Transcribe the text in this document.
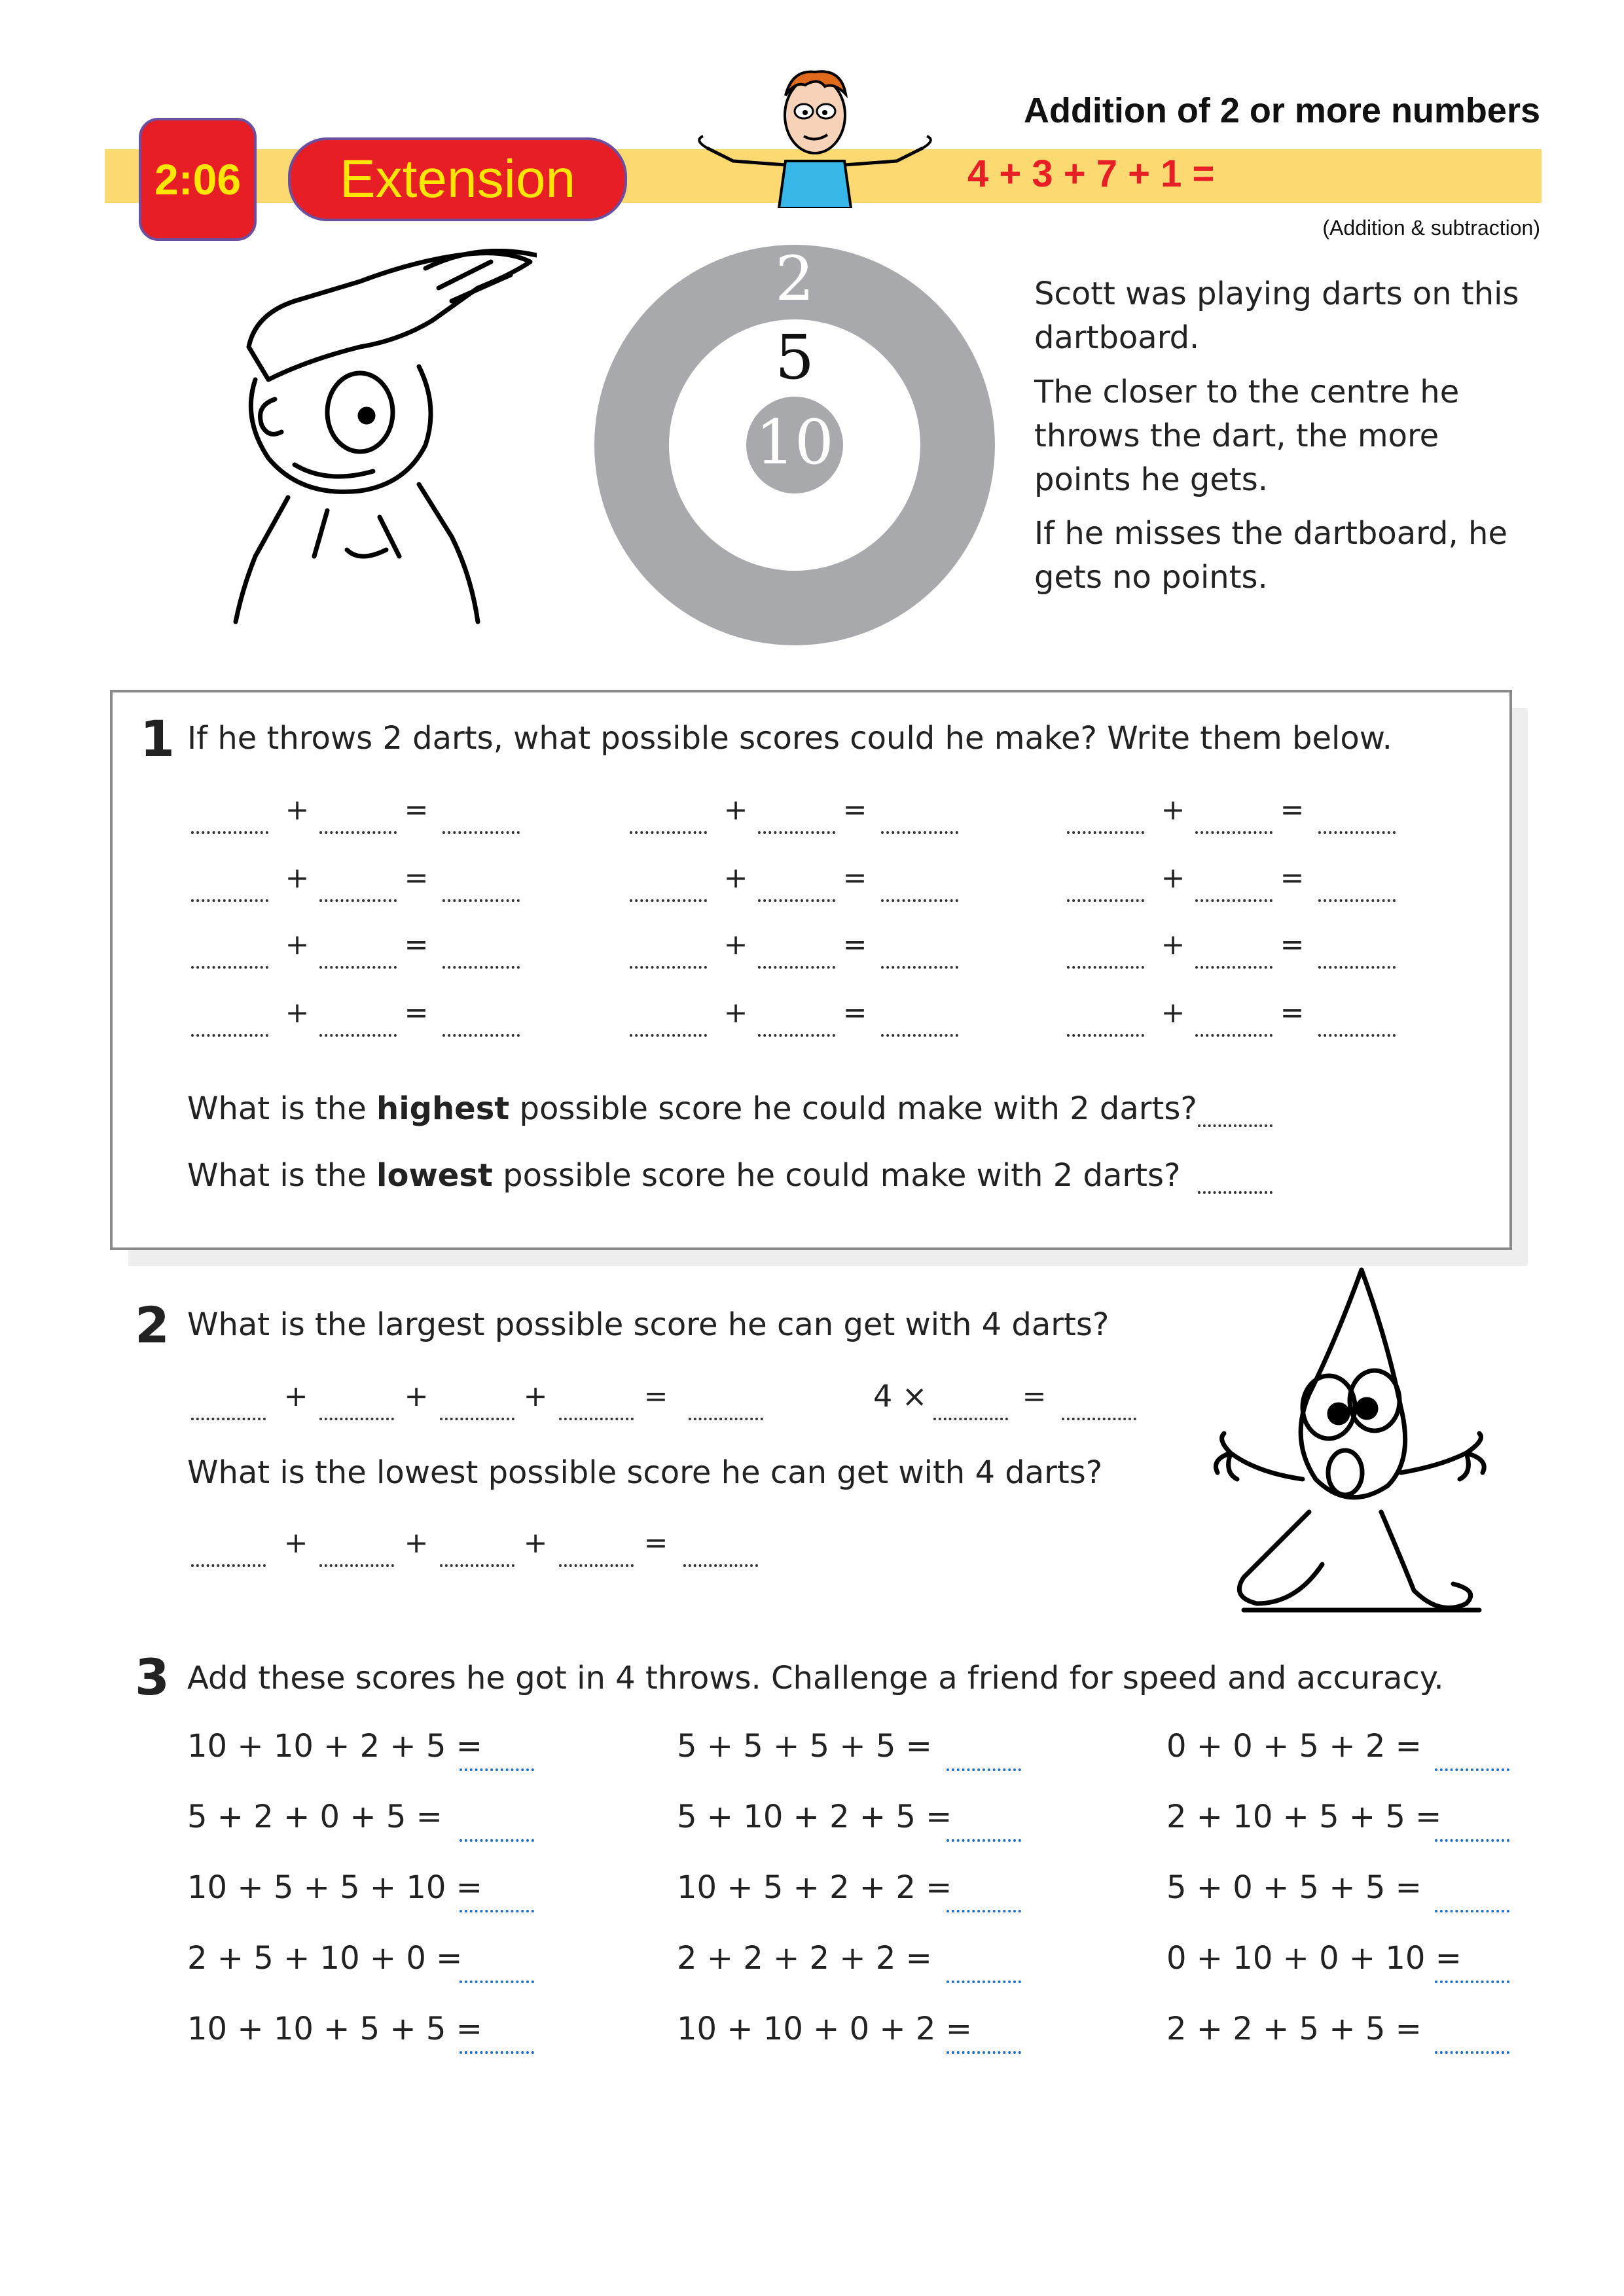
2:06 Extension
Addition of 2 or more numbers
4 + 3 + 7 + 1 =
(Addition & subtraction)
2
5
10
Scott was playing darts on this dartboard.
The closer to the centre he throws the dart, the more points he gets.
If he misses the dartboard, he gets no points.
1 If he throws 2 darts, what possible scores could he make? Write them below.
+	=	+	=	+	=
+	=	+	=	+	=
+	=	+	=	+	=
+	=	+	=	+	=
What is the highest possible score he could make with 2 darts?
What is the lowest possible score he could make with 2 darts?
2 What is the largest possible score he can get with 4 darts?
+	+	+	=	4 ×	=
What is the lowest possible score he can get with 4 darts?
+	+	+	=
3 Add these scores he got in 4 throws. Challenge a friend for speed and accuracy.
10 + 10 + 2 + 5 =	5 + 5 + 5 + 5 =	0 + 0 + 5 + 2 =
5 + 2 + 0 + 5 =	5 + 10 + 2 + 5 =	2 + 10 + 5 + 5 =
10 + 5 + 5 + 10 =	10 + 5 + 2 + 2 =	5 + 0 + 5 + 5 =
2 + 5 + 10 + 0 =	2 + 2 + 2 + 2 =	0 + 10 + 0 + 10 =
10 + 10 + 5 + 5 =	10 + 10 + 0 + 2 =	2 + 2 + 5 + 5 =
